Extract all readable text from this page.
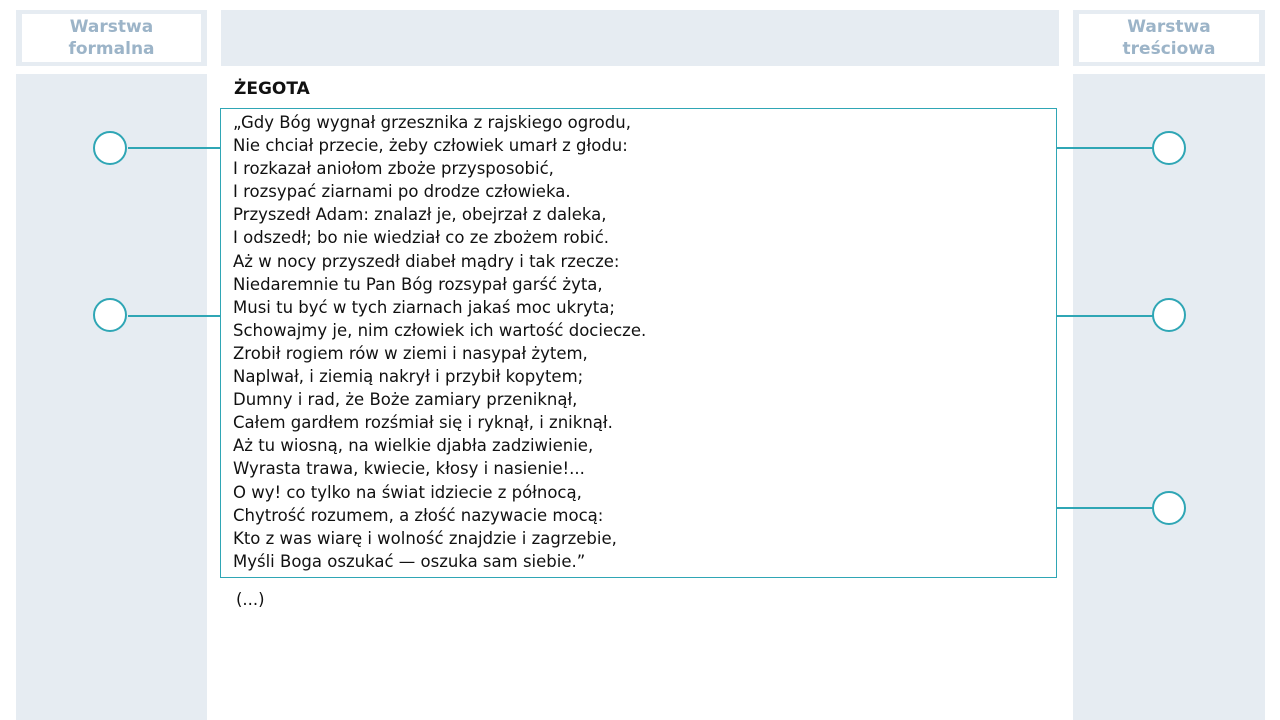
Warstwa formalna
Warstwa treściowa
ŻEGOTA
„Gdy Bóg wygnał grzesznika z rajskiego ogrodu,
Nie chciał przecie, żeby człowiek umarł z głodu:
I rozkazał aniołom zboże przysposobić,
I rozsypać ziarnami po drodze człowieka.
Przyszedł Adam: znalazł je, obejrzał z daleka,
I odszedł; bo nie wiedział co ze zbożem robić.
Aż w nocy przyszedł diabeł mądry i tak rzecze:
Niedaremnie tu Pan Bóg rozsypał garść żyta,
Musi tu być w tych ziarnach jakaś moc ukryta;
Schowajmy je, nim człowiek ich wartość dociecze.
Zrobił rogiem rów w ziemi i nasypał żytem,
Naplwał, i ziemią nakrył i przybił kopytem;
Dumny i rad, że Boże zamiary przeniknął,
Całem gardłem rozśmiał się i ryknął, i zniknął.
Aż tu wiosną, na wielkie djabła zadziwienie,
Wyrasta trawa, kwiecie, kłosy i nasienie!...
O wy! co tylko na świat idziecie z północą,
Chytrość rozumem, a złość nazywacie mocą:
Kto z was wiarę i wolność znajdzie i zagrzebie,
Myśli Boga oszukać — oszuka sam siebie.”
(...)
